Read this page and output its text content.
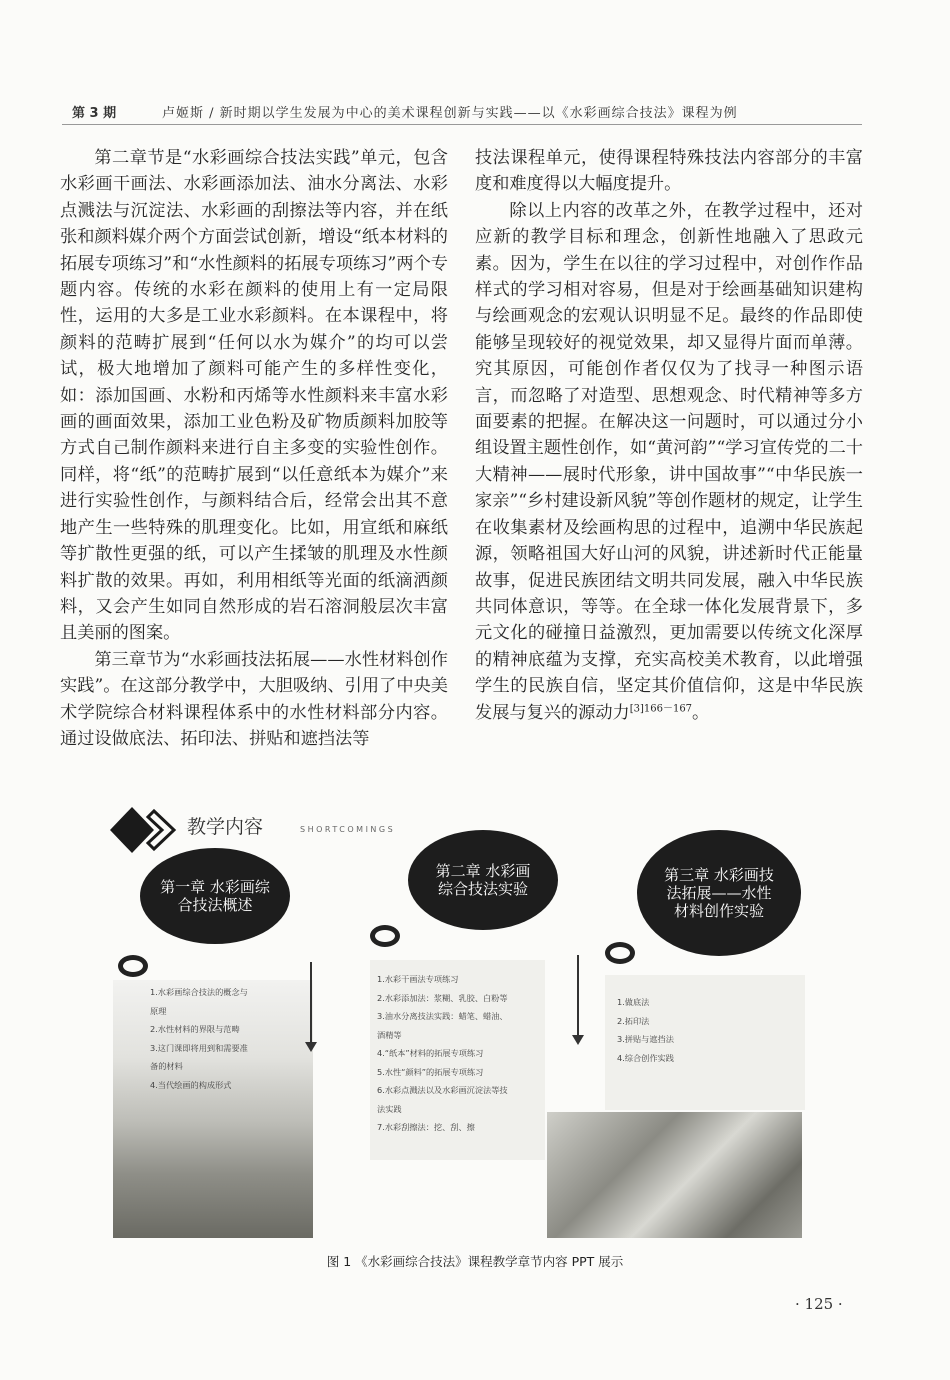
第 3 期	卢姬斯 / 新时期以学生发展为中心的美术课程创新与实践——以《水彩画综合技法》课程为例

第二章节是“水彩画综合技法实践”单元，包含水彩画干画法、水彩画添加法、油水分离法、水彩点溅法与沉淀法、水彩画的刮擦法等内容，并在纸张和颜料媒介两个方面尝试创新，增设“纸本材料的拓展专项练习”和“水性颜料的拓展专项练习”两个专题内容。传统的水彩在颜料的使用上有一定局限性，运用的大多是工业水彩颜料。在本课程中，将颜料的范畴扩展到“任何以水为媒介”的均可以尝试，极大地增加了颜料可能产生的多样性变化，如：添加国画、水粉和丙烯等水性颜料来丰富水彩画的画面效果，添加工业色粉及矿物质颜料加胶等方式自己制作颜料来进行自主多变的实验性创作。同样，将“纸”的范畴扩展到“以任意纸本为媒介”来进行实验性创作，与颜料结合后，经常会出其不意地产生一些特殊的肌理变化。比如，用宣纸和麻纸等扩散性更强的纸，可以产生揉皱的肌理及水性颜料扩散的效果。再如，利用相纸等光面的纸滴洒颜料，又会产生如同自然形成的岩石溶洞般层次丰富且美丽的图案。

第三章节为“水彩画技法拓展——水性材料创作实践”。在这部分教学中，大胆吸纳、引用了中央美术学院综合材料课程体系中的水性材料部分内容。通过设做底法、拓印法、拼贴和遮挡法等

技法课程单元，使得课程特殊技法内容部分的丰富度和难度得以大幅度提升。

除以上内容的改革之外，在教学过程中，还对应新的教学目标和理念，创新性地融入了思政元素。因为，学生在以往的学习过程中，对创作作品样式的学习相对容易，但是对于绘画基础知识建构与绘画观念的宏观认识明显不足。最终的作品即使能够呈现较好的视觉效果，却又显得片面而单薄。究其原因，可能创作者仅仅为了找寻一种图示语言，而忽略了对造型、思想观念、时代精神等多方面要素的把握。在解决这一问题时，可以通过分小组设置主题性创作，如“黄河韵”“学习宣传党的二十大精神——展时代形象，讲中国故事”“中华民族一家亲”“乡村建设新风貌”等创作题材的规定，让学生在收集素材及绘画构思的过程中，追溯中华民族起源，领略祖国大好山河的风貌，讲述新时代正能量故事，促进民族团结文明共同发展，融入中华民族共同体意识，等等。在全球一体化发展背景下，多元文化的碰撞日益激烈，更加需要以传统文化深厚的精神底蕴为支撑，充实高校美术教育，以此增强学生的民族自信，坚定其价值信仰，这是中华民族发展与复兴的源动力$^{[3]166-167}$。

教学内容	SHORTCOMINGS
第一章 水彩画综合技法概述
第二章 水彩画综合技法实验
第三章 水彩画技法拓展——水性材料创作实验
1.水彩画综合技法的概念与
原理
2.水性材料的界限与范畴
3.这门课即将用到和需要准
备的材料
4.当代绘画的构成形式
1.水彩干画法专项练习
2.水彩添加法：浆糊、乳胶、白粉等
3.油水分离技法实践：蜡笔、蜡油、
酒精等
4.“纸本”材料的拓展专项练习
5.水性“颜料”的拓展专项练习
6.水彩点溅法以及水彩画沉淀法等技
法实践
7.水彩刮擦法：挖、刮、擦
1.做底法
2.拓印法
3.拼贴与遮挡法
4.综合创作实践
图 1 《水彩画综合技法》课程教学章节内容 PPT 展示
· 125 ·
